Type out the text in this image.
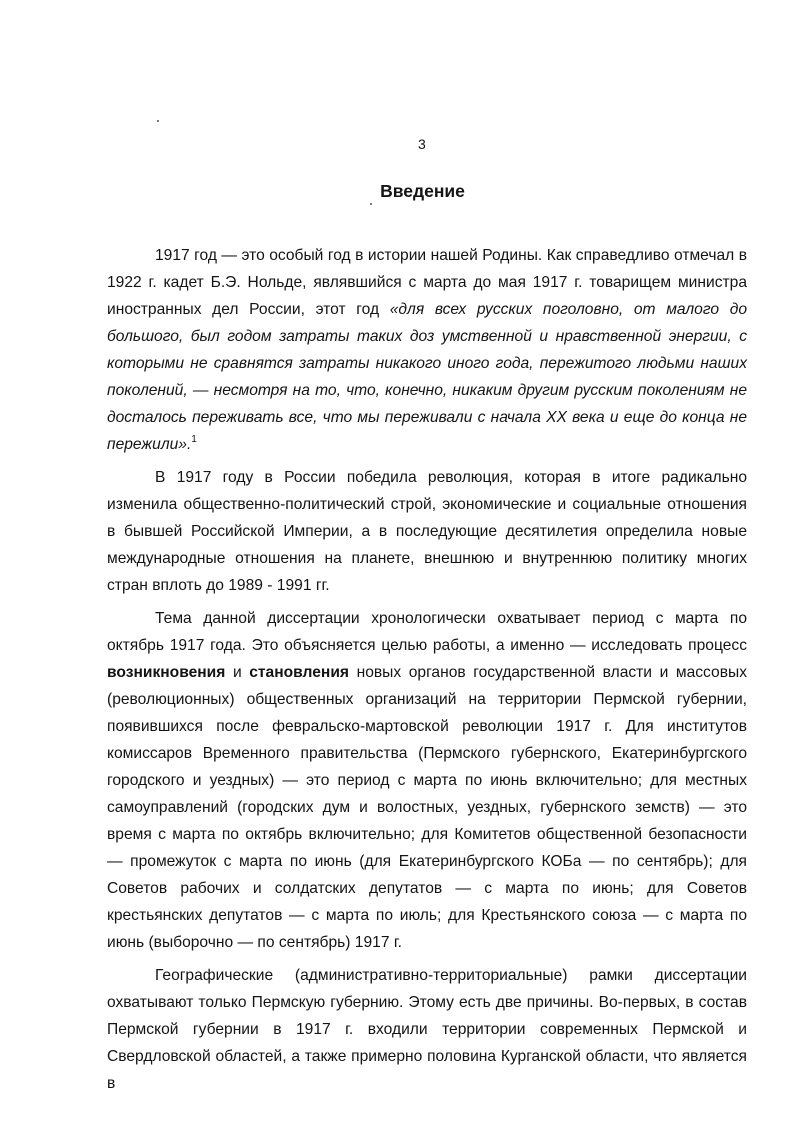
3
Введение

1917 год — это особый год в истории нашей Родины. Как справедливо отмечал в 1922 г. кадет Б.Э. Нольде, являвшийся с марта до мая 1917 г. товарищем министра иностранных дел России, этот год «для всех русских поголовно, от малого до большого, был годом затраты таких доз умственной и нравственной энергии, с которыми не сравнятся затраты никакого иного года, пережитого людьми наших поколений, — несмотря на то, что, конечно, никаким другим русским поколениям не досталось переживать все, что мы переживали с начала XX века и еще до конца не пережили».$^1$

В 1917 году в России победила революция, которая в итоге радикально изменила общественно-политический строй, экономические и социальные отношения в бывшей Российской Империи, а в последующие десятилетия определила новые международные отношения на планете, внешнюю и внутреннюю политику многих стран вплоть до 1989 - 1991 гг.

Тема данной диссертации хронологически охватывает период с марта по октябрь 1917 года. Это объясняется целью работы, а именно — исследовать процесс возникновения и становления новых органов государственной власти и массовых (революционных) общественных организаций на территории Пермской губернии, появившихся после февральско-мартовской революции 1917 г. Для институтов комиссаров Временного правительства (Пермского губернского, Екатеринбургского городского и уездных) — это период с марта по июнь включительно; для местных самоуправлений (городских дум и волостных, уездных, губернского земств) — это время с марта по октябрь включительно; для Комитетов общественной безопасности — промежуток с марта по июнь (для Екатеринбургского КОБа — по сентябрь); для Советов рабочих и солдатских депутатов — с марта по июнь; для Советов крестьянских депутатов — с марта по июль; для Крестьянского союза — с марта по июнь (выборочно — по сентябрь) 1917 г.

Географические (административно-территориальные) рамки диссертации охватывают только Пермскую губернию. Этому есть две причины. Во-первых, в состав Пермской губернии в 1917 г. входили территории современных Пермской и Свердловской областей, а также примерно половина Курганской области, что является в
